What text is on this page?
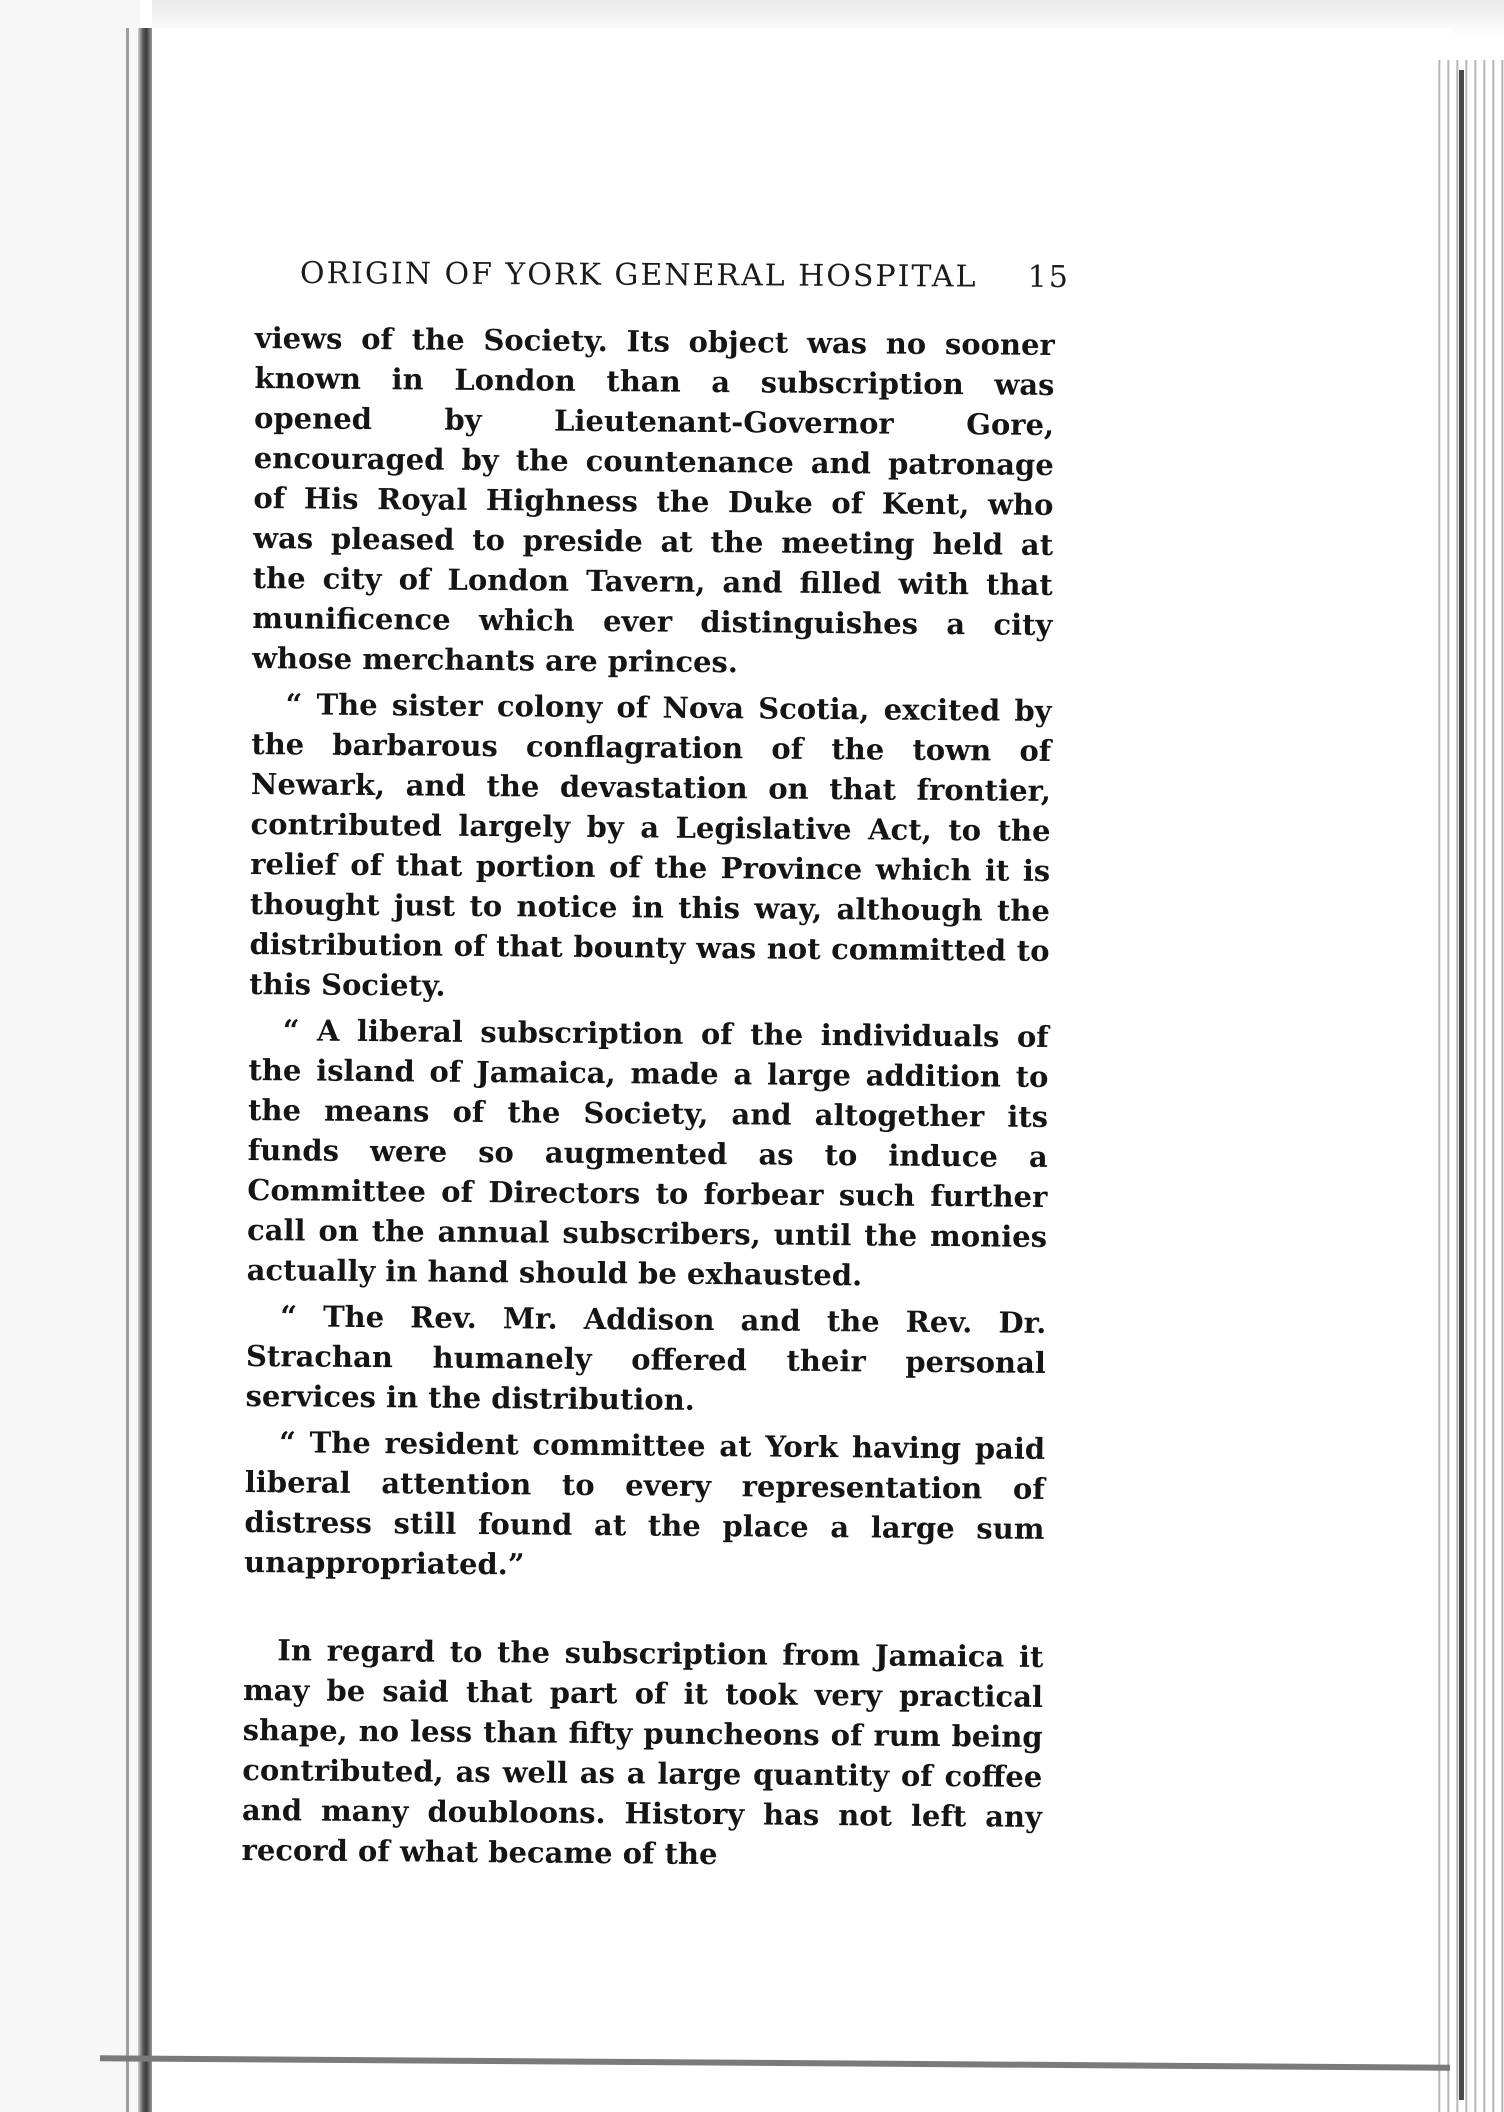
ORIGIN OF YORK GENERAL HOSPITAL 15

views of the Society. Its object was no sooner known in London than a subscription was opened by Lieutenant-Governor Gore, encouraged by the countenance and patronage of His Royal Highness the Duke of Kent, who was pleased to preside at the meeting held at the city of London Tavern, and filled with that munificence which ever distinguishes a city whose merchants are princes.

“ The sister colony of Nova Scotia, excited by the barbarous conflagration of the town of Newark, and the devastation on that frontier, contributed largely by a Legislative Act, to the relief of that portion of the Province which it is thought just to notice in this way, although the distribution of that bounty was not committed to this Society.

“ A liberal subscription of the individuals of the island of Jamaica, made a large addition to the means of the Society, and altogether its funds were so augmented as to induce a Committee of Directors to forbear such further call on the annual subscribers, until the monies actually in hand should be exhausted.

“ The Rev. Mr. Addison and the Rev. Dr. Strachan humanely offered their personal services in the distribution.

“ The resident committee at York having paid liberal attention to every representation of distress still found at the place a large sum unappropriated.”

In regard to the subscription from Jamaica it may be said that part of it took very practical shape, no less than fifty puncheons of rum being contributed, as well as a large quantity of coffee and many doubloons. History has not left any record of what became of the
